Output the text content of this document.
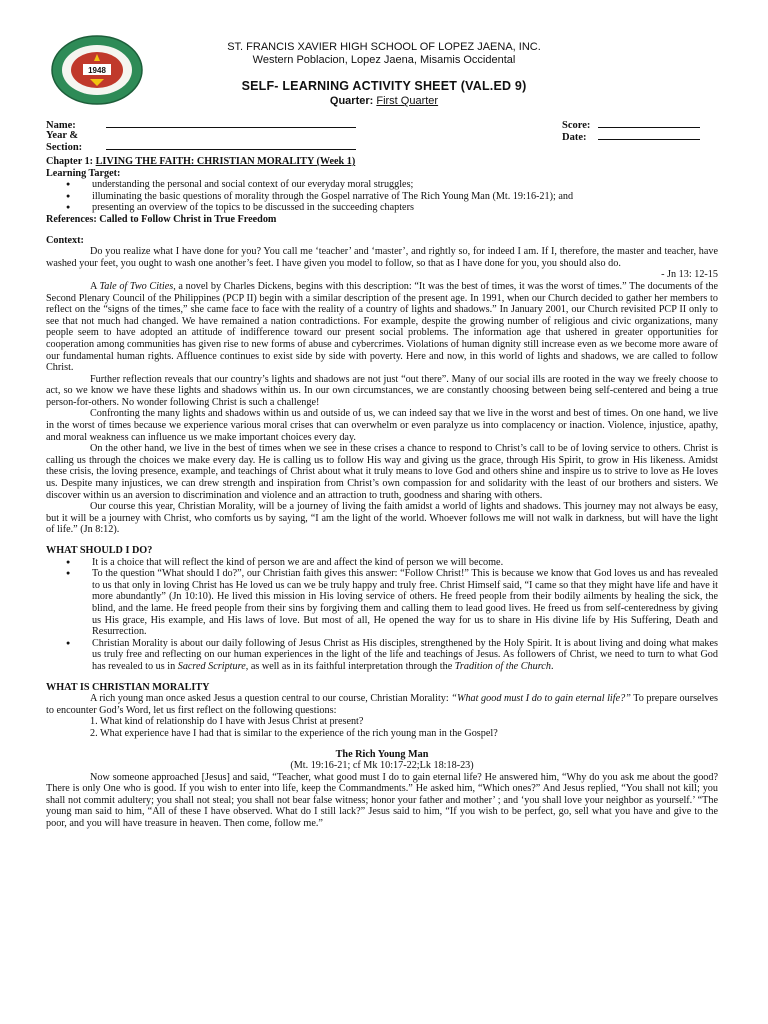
1948
ST. FRANCIS XAVIER HIGH SCHOOL OF LOPEZ JAENA, INC.
Western Poblacion, Lopez Jaena, Misamis Occidental
SELF- LEARNING ACTIVITY SHEET (VAL.ED 9)
Quarter: First Quarter
Name:
Year & Section:
Score:
Date:

Chapter 1: LIVING THE FAITH: CHRISTIAN MORALITY (Week 1)

Learning Target:

● understanding the personal and social context of our everyday moral struggles;
● illuminating the basic questions of morality through the Gospel narrative of The Rich Young Man (Mt. 19:16-21); and
● presenting an overview of the topics to be discussed in the succeeding chapters

References: Called to Follow Christ in True Freedom

Context:

Do you realize what I have done for you? You call me ‘teacher’ and ‘master’, and rightly so, for indeed I am. If I, therefore, the master and teacher, have washed your feet, you ought to wash one another’s feet. I have given you model to follow, so that as I have done for you, you should also do.

- Jn 13: 12-15

A Tale of Two Cities, a novel by Charles Dickens, begins with this description: “It was the best of times, it was the worst of times.” The documents of the Second Plenary Council of the Philippines (PCP II) begin with a similar description of the present age. In 1991, when our Church decided to gather her members to reflect on the “signs of the times,” she came face to face with the reality of a country of lights and shadows.” In January 2001, our Church revisited PCP II only to see that not much had changed. We have remained a nation contradictions. For example, despite the growing number of religious and civic organizations, many people seem to have adopted an attitude of indifference toward our present social problems. The information age that ushered in greater opportunities for cooperation among communities has given rise to new forms of abuse and cybercrimes. Violations of human dignity still increase even as we become more aware of our fundamental human rights. Affluence continues to exist side by side with poverty. Here and now, in this world of lights and shadows, we are called to follow Christ.

Further reflection reveals that our country’s lights and shadows are not just “out there”. Many of our social ills are rooted in the way we freely choose to act, so we know we have these lights and shadows within us. In our own circumstances, we are constantly choosing between being self-centered and being a true person-for-others. No wonder following Christ is such a challenge!

Confronting the many lights and shadows within us and outside of us, we can indeed say that we live in the worst and best of times. On one hand, we live in the worst of times because we experience various moral crises that can overwhelm or even paralyze us into complacency or inaction. Violence, injustice, apathy, and moral weakness can influence us we make important choices every day.

On the other hand, we live in the best of times when we see in these crises a chance to respond to Christ’s call to be of loving service to others. Christ is calling us through the choices we make every day. He is calling us to follow His way and giving us the grace, through His Spirit, to grow in His likeness. Amidst these crisis, the loving presence, example, and teachings of Christ about what it truly means to love God and others shine and inspire us to strive to love as He loves us. Despite many injustices, we can drew strength and inspiration from Christ’s own compassion for and solidarity with the least of our brothers and sisters. We discover within us an aversion to discrimination and violence and an attraction to truth, goodness and sharing with others.

Our course this year, Christian Morality, will be a journey of living the faith amidst a world of lights and shadows. This journey may not always be easy, but it will be a journey with Christ, who comforts us by saying, “I am the light of the world. Whoever follows me will not walk in darkness, but will have the light of life.” (Jn 8:12).

WHAT SHOULD I DO?

● It is a choice that will reflect the kind of person we are and affect the kind of person we will become.
● To the question “What should I do?”, our Christian faith gives this answer: “Follow Christ!” This is because we know that God loves us and has revealed to us that only in loving Christ has He loved us can we be truly happy and truly free. Christ Himself said, “I came so that they might have life and have it more abundantly” (Jn 10:10). He lived this mission in His loving service of others. He freed people from their bodily ailments by healing the sick, the blind, and the lame. He freed people from their sins by forgiving them and calling them to lead good lives. He freed us from self-centeredness by giving us His grace, His example, and His laws of love. But most of all, He opened the way for us to share in His divine life by His Suffering, Death and Resurrection.
● Christian Morality is about our daily following of Jesus Christ as His disciples, strengthened by the Holy Spirit. It is about living and doing what makes us truly free and reflecting on our human experiences in the light of the life and teachings of Jesus. As followers of Christ, we need to turn to what God has revealed to us in Sacred Scripture, as well as in its faithful interpretation through the Tradition of the Church.

WHAT IS CHRISTIAN MORALITY

A rich young man once asked Jesus a question central to our course, Christian Morality: “What good must I do to gain eternal life?” To prepare ourselves to encounter God’s Word, let us first reflect on the following questions:

1. What kind of relationship do I have with Jesus Christ at present?

2. What experience have I had that is similar to the experience of the rich young man in the Gospel?

The Rich Young Man

(Mt. 19:16-21; cf Mk 10:17-22;Lk 18:18-23)

Now someone approached [Jesus] and said, “Teacher, what good must I do to gain eternal life? He answered him, “Why do you ask me about the good? There is only One who is good. If you wish to enter into life, keep the Commandments.” He asked him, “Which ones?” And Jesus replied, “You shall not kill; you shall not commit adultery; you shall not steal; you shall not bear false witness; honor your father and mother’ ; and ‘you shall love your neighbor as yourself.’ “The young man said to him, “All of these I have observed. What do I still lack?” Jesus said to him, “If you wish to be perfect, go, sell what you have and give to the poor, and you will have treasure in heaven. Then come, follow me.”
